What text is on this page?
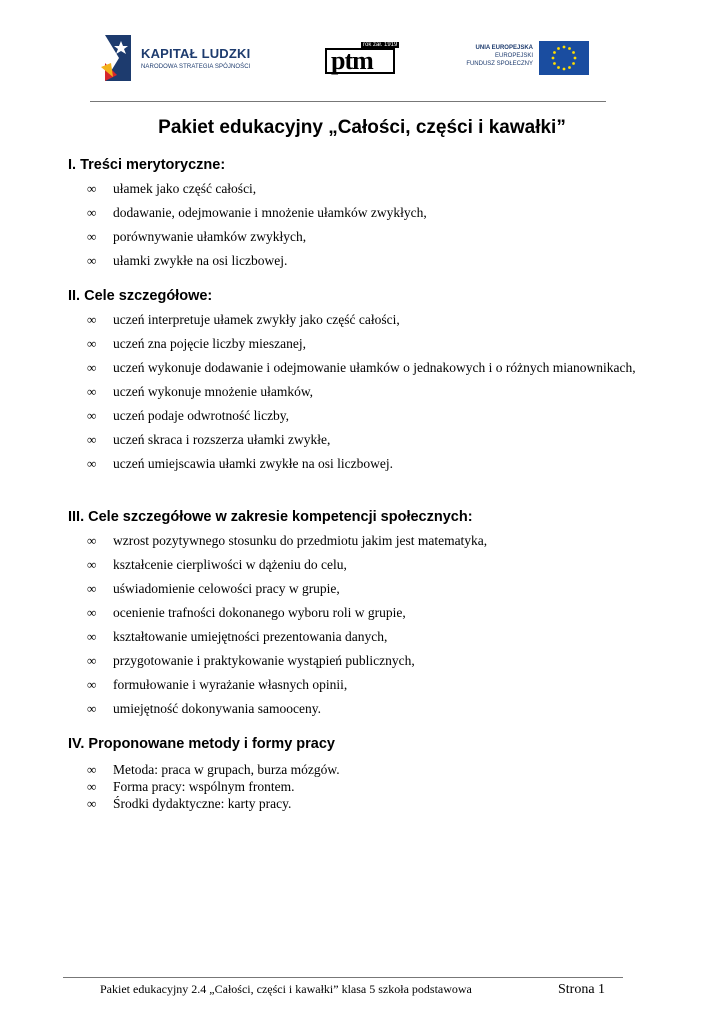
KAPITAŁ LUDZKI
NARODOWA STRATEGIA SPÓJNOŚCI
rok zał. 1919
ptm	UNIA EUROPEJSKA
EUROPEJSKI
FUNDUSZ SPOŁECZNY
Pakiet edukacyjny „Całości, części i kawałki”
I. Treści merytoryczne:
∞ ułamek jako część całości,
∞ dodawanie, odejmowanie i mnożenie ułamków zwykłych,
∞ porównywanie ułamków zwykłych,
∞ ułamki zwykłe na osi liczbowej.
II. Cele szczegółowe:
∞ uczeń interpretuje ułamek zwykły jako część całości,
∞ uczeń zna pojęcie liczby mieszanej,
∞ uczeń wykonuje dodawanie i odejmowanie ułamków o jednakowych i o różnych mianownikach,
∞ uczeń wykonuje mnożenie ułamków,
∞ uczeń podaje odwrotność liczby,
∞ uczeń skraca i rozszerza ułamki zwykłe,
∞ uczeń umiejscawia ułamki zwykłe na osi liczbowej.
III. Cele szczegółowe w zakresie kompetencji społecznych:
∞ wzrost pozytywnego stosunku do przedmiotu jakim jest matematyka,
∞ kształcenie cierpliwości w dążeniu do celu,
∞ uświadomienie celowości pracy w grupie,
∞ ocenienie trafności dokonanego wyboru roli w grupie,
∞ kształtowanie umiejętności prezentowania danych,
∞ przygotowanie i praktykowanie wystąpień publicznych,
∞ formułowanie i wyrażanie własnych opinii,
∞ umiejętność dokonywania samooceny.
IV. Proponowane metody i formy pracy
∞ Metoda: praca w grupach, burza mózgów.
∞ Forma pracy: wspólnym frontem.
∞ Środki dydaktyczne: karty pracy.
Pakiet edukacyjny 2.4 „Całości, części i kawałki” klasa 5 szkoła podstawowa	Strona 1
